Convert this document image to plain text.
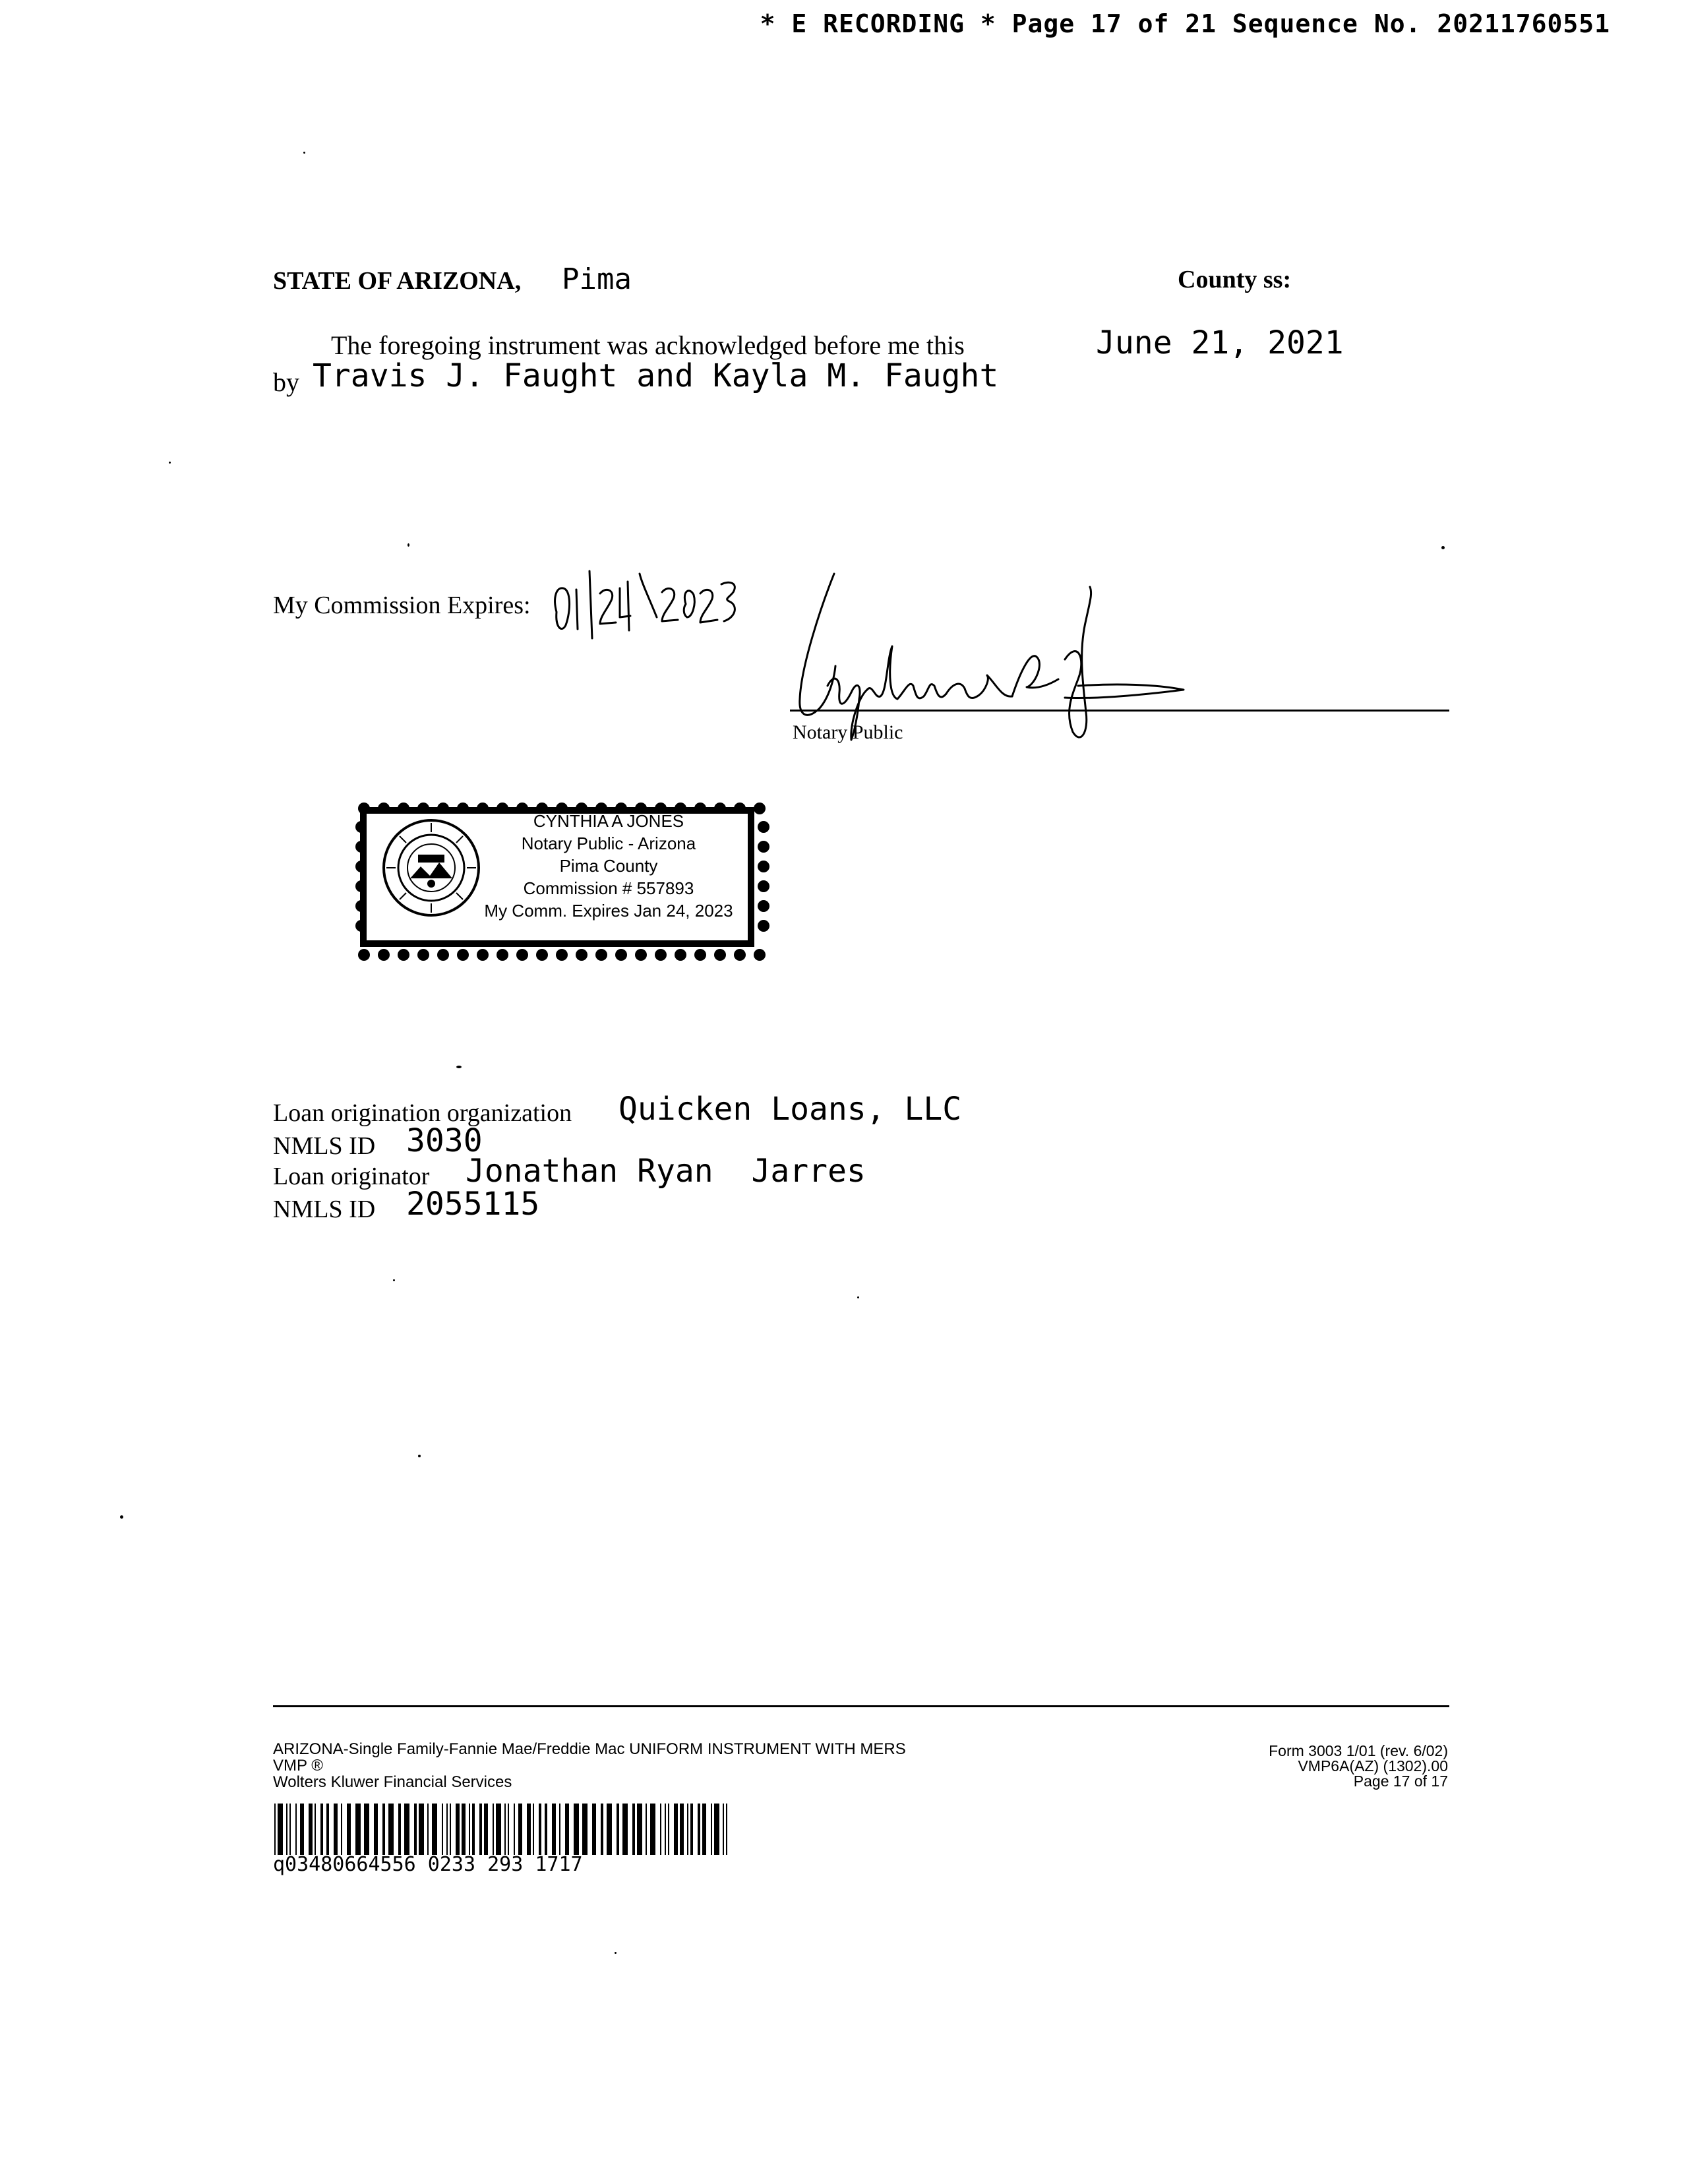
* E RECORDING * Page 17 of 21 Sequence No. 20211760551
STATE OF ARIZONA, Pima	County ss:
The foregoing instrument was acknowledged before me this	June 21, 2021
by Travis J. Faught and Kayla M. Faught
My Commission Expires:
Notary Public
CYNTHIA A JONES
Notary Public - Arizona
Pima County
Commission # 557893
My Comm. Expires Jan 24, 2023
Loan origination organization Quicken Loans, LLC
NMLS ID 3030
Loan originator Jonathan Ryan  Jarres
NMLS ID 2055115
ARIZONA-Single Family-Fannie Mae/Freddie Mac UNIFORM INSTRUMENT WITH MERS
VMP ®
Wolters Kluwer Financial Services
Form 3003 1/01 (rev. 6/02)
VMP6A(AZ) (1302).00
Page 17 of 17
q03480664556 0233 293 1717
